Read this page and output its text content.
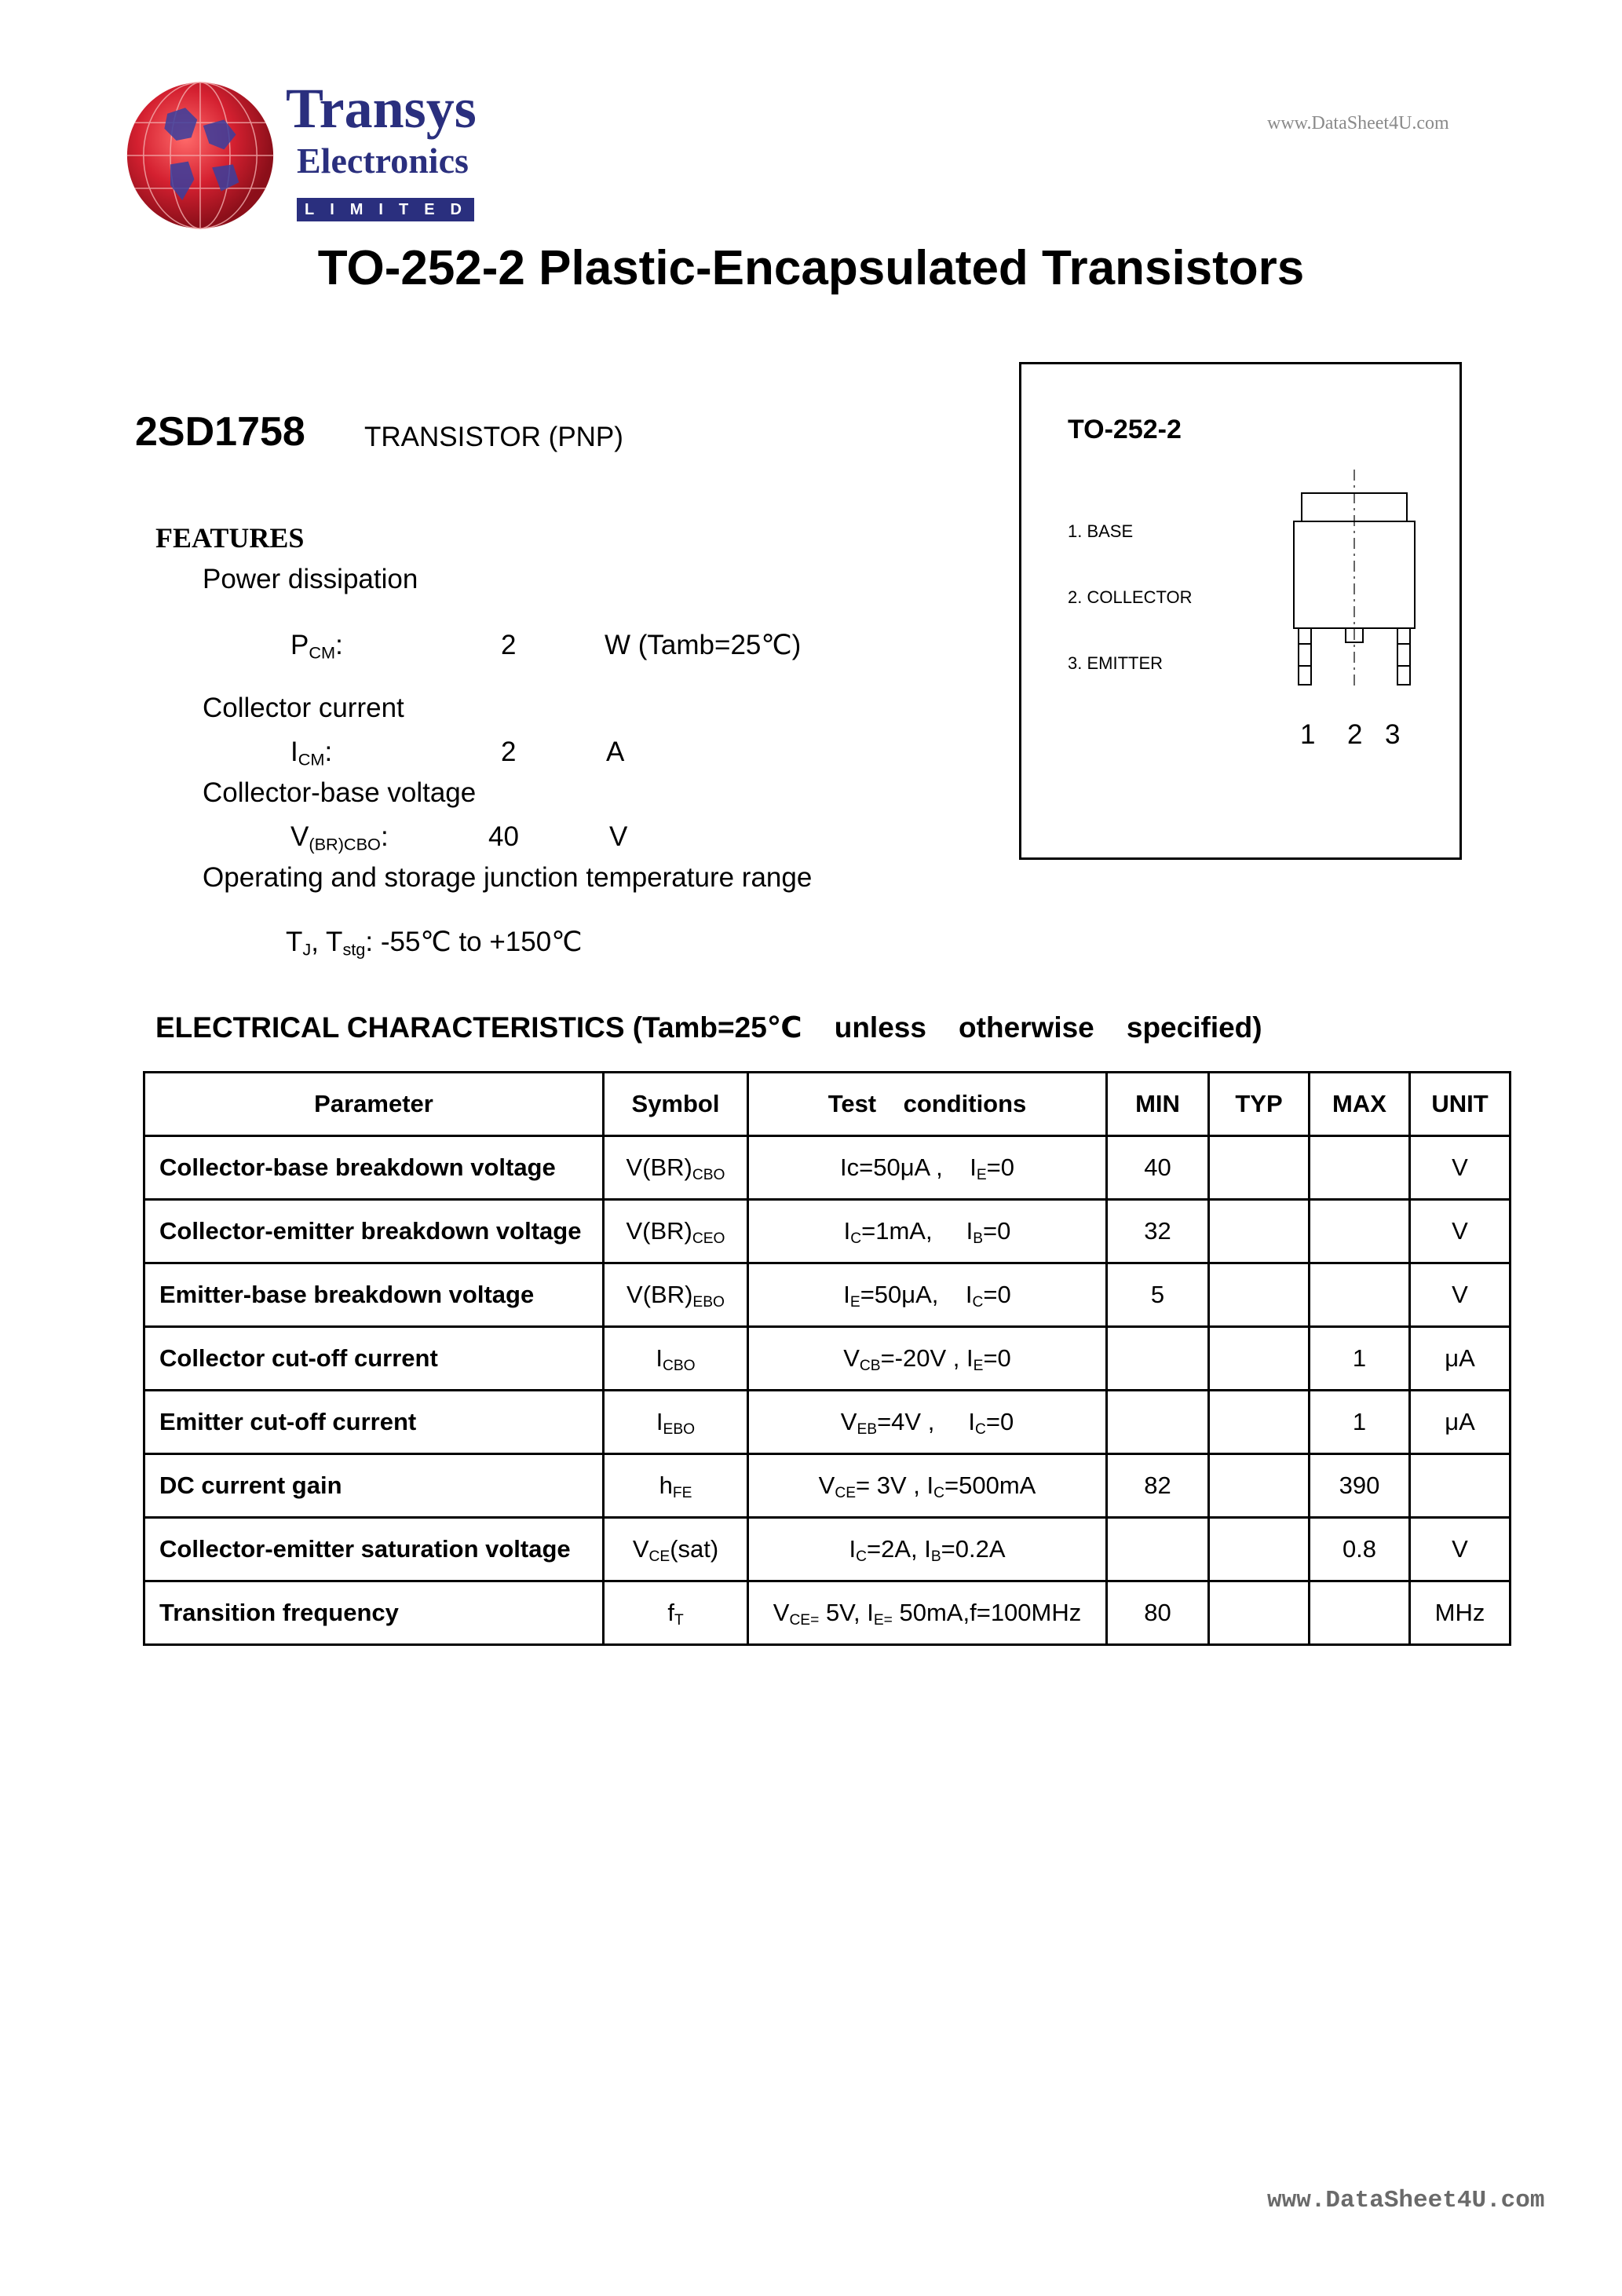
Transys
Electronics
LIMITED
www.DataSheet4U.com
TO-252-2 Plastic-Encapsulated Transistors
2SD1758 TRANSISTOR (PNP)	TO-252-2
1. BASE
2. COLLECTOR
3. EMITTER
1 2 3
FEATURES
Power dissipation
$P_{CM}$:	2	W (Tamb=25℃)
Collector current
$I_{CM}$:	2	A
Collector-base voltage
$V_{(BR)CBO}$:	40	V
Operating and storage junction temperature range
$T_J$, $T_{stg}$: -55℃ to +150℃
ELECTRICAL CHARACTERISTICS (Tamb=25℃    unless    otherwise    specified)
Parameter	Symbol	Test    conditions	MIN	TYP	MAX	UNIT
Collector-base breakdown voltage	$V(BR)_{CBO}$	Ic=50μA ,    $I_E=0$	40			V
Collector-emitter breakdown voltage	$V(BR)_{CEO}$	$I_C=1mA$,     $I_B=0$	32			V
Emitter-base breakdown voltage	$V(BR)_{EBO}$	$I_E=50\mu A$,    $I_C=0$	5			V
Collector cut-off current	$I_{CBO}$	$V_{CB}=-20V$ , $I_E=0$			1	μA
Emitter cut-off current	$I_{EBO}$	$V_{EB}=4V$ ,     $I_C=0$			1	μA
DC current gain	$h_{FE}$	$V_{CE}= 3V$ , $I_C=500mA$	82		390	
Collector-emitter saturation voltage	$V_{CE}(sat)$	$I_C=2A$, $I_B=0.2A$			0.8	V
Transition frequency	$f_T$	$V_{CE=}$ 5V, $I_{E=}$ 50mA,f=100MHz	80			MHz
www.DataSheet4U.com
